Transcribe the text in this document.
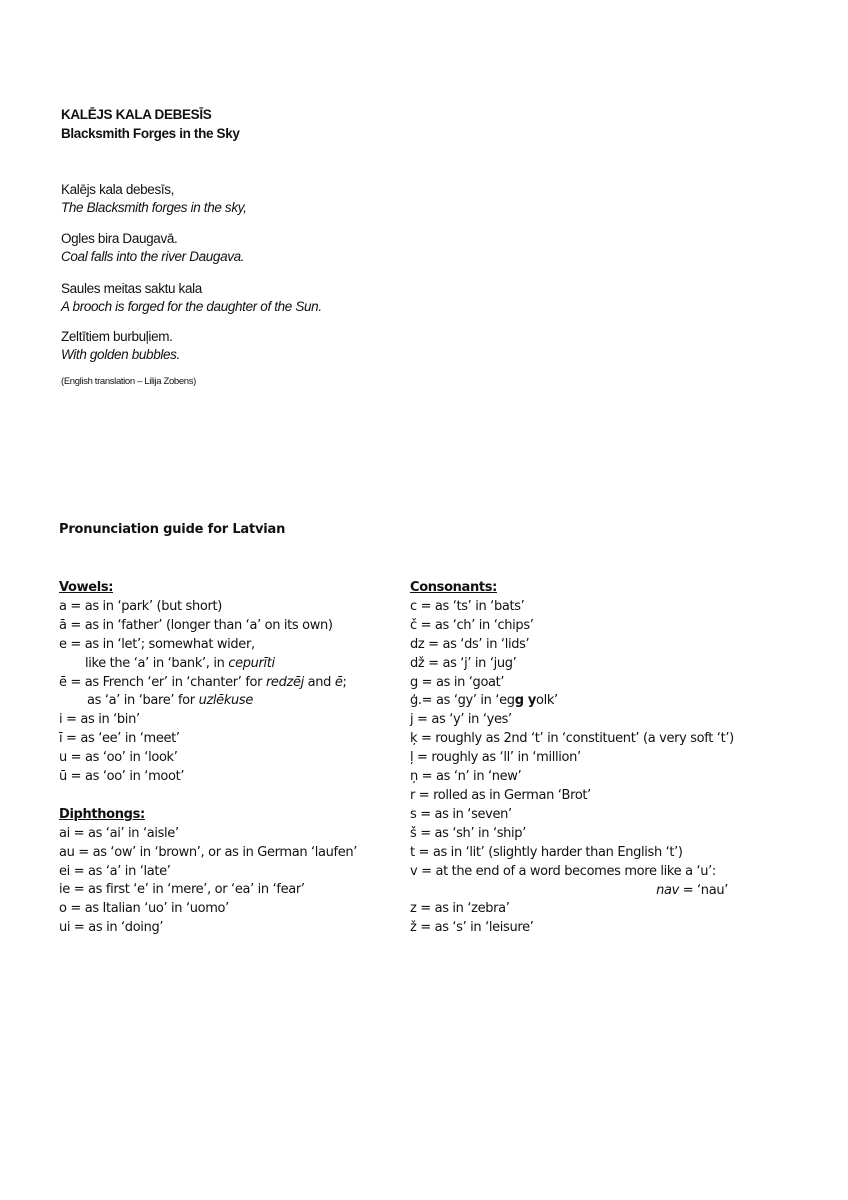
KALĒJS KALA DEBESĪS
Blacksmith Forges in the Sky
Kalējs kala debesīs,
The Blacksmith forges in the sky,
Ogles bira Daugavā.
Coal falls into the river Daugava.
Saules meitas saktu kala
A brooch is forged for the daughter of the Sun.
Zeltītiem burbuļiem.
With golden bubbles.
(English translation – Lilija Zobens)
Pronunciation guide for Latvian
Vowels:
a = as in ‘park’ (but short)
ā = as in ‘father’ (longer than ‘a’ on its own)
e = as in ‘let’; somewhat wider,
like the ‘a’ in ‘bank’, in cepurīti
ē = as French ‘er’ in ‘chanter’ for redzēj and ē;
as ‘a’ in ‘bare’ for uzlēkuse
i = as in ‘bin’
ī = as ‘ee’ in ‘meet’
u = as ‘oo’ in ‘look’
ū = as ‘oo’ in ‘moot’
Diphthongs:
ai = as ‘ai’ in ‘aisle’
au = as ‘ow’ in ‘brown’, or as in German ‘laufen’
ei = as ‘a’ in ‘late’
ie = as first ‘e’ in ‘mere’, or ‘ea’ in ‘fear’
o = as Italian ‘uo’ in ‘uomo’
ui = as in ‘doing’
Consonants:
c = as ‘ts’ in ‘bats’
č = as ‘ch’ in ‘chips’
dz = as ‘ds’ in ‘lids’
dž = as ‘j’ in ‘jug’
g = as in ‘goat’
ģ.= as ‘gy’ in ‘egg yolk’
j = as ‘y’ in ‘yes’
ķ = roughly as 2nd ‘t’ in ‘constituent’ (a very soft ‘t’)
ļ = roughly as ‘ll’ in ‘million’
ņ = as ‘n’ in ‘new’
r = rolled as in German ‘Brot’
s = as in ‘seven’
š = as ‘sh’ in ‘ship’
t = as in ‘lit’ (slightly harder than English ‘t’)
v = at the end of a word becomes more like a ‘u’:
nav = ‘nau’
z = as in ‘zebra’
ž = as ‘s’ in ‘leisure’
